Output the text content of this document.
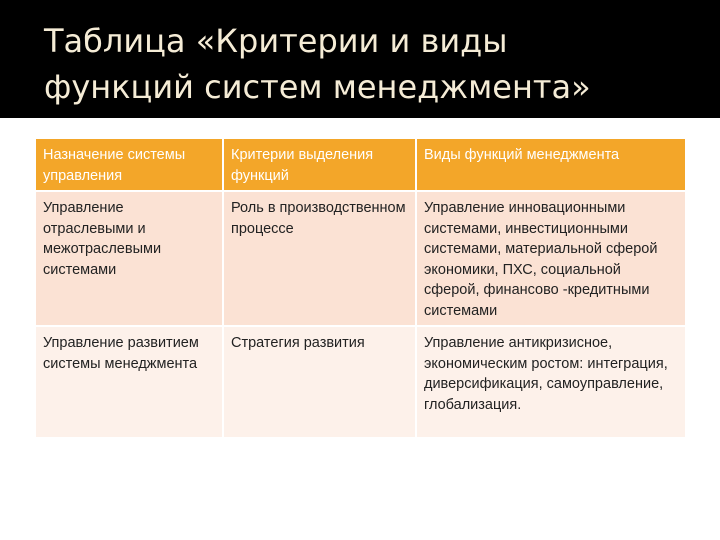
Таблица «Критерии и виды
функций систем менеджмента»
Назначение системы управления	Критерии выделения функций	Виды функций менеджмента

Управление отраслевыми и межотраслевыми системами	Роль в производственном процессе	Управление инновационными системами, инвестиционными системами, материальной сферой экономики, ПХС, социальной сферой, финансово -кредитными системами
Управление развитием системы менеджмента	Стратегия развития	Управление антикризисное, экономическим ростом: интеграция, диверсификация, самоуправление, глобализация.
